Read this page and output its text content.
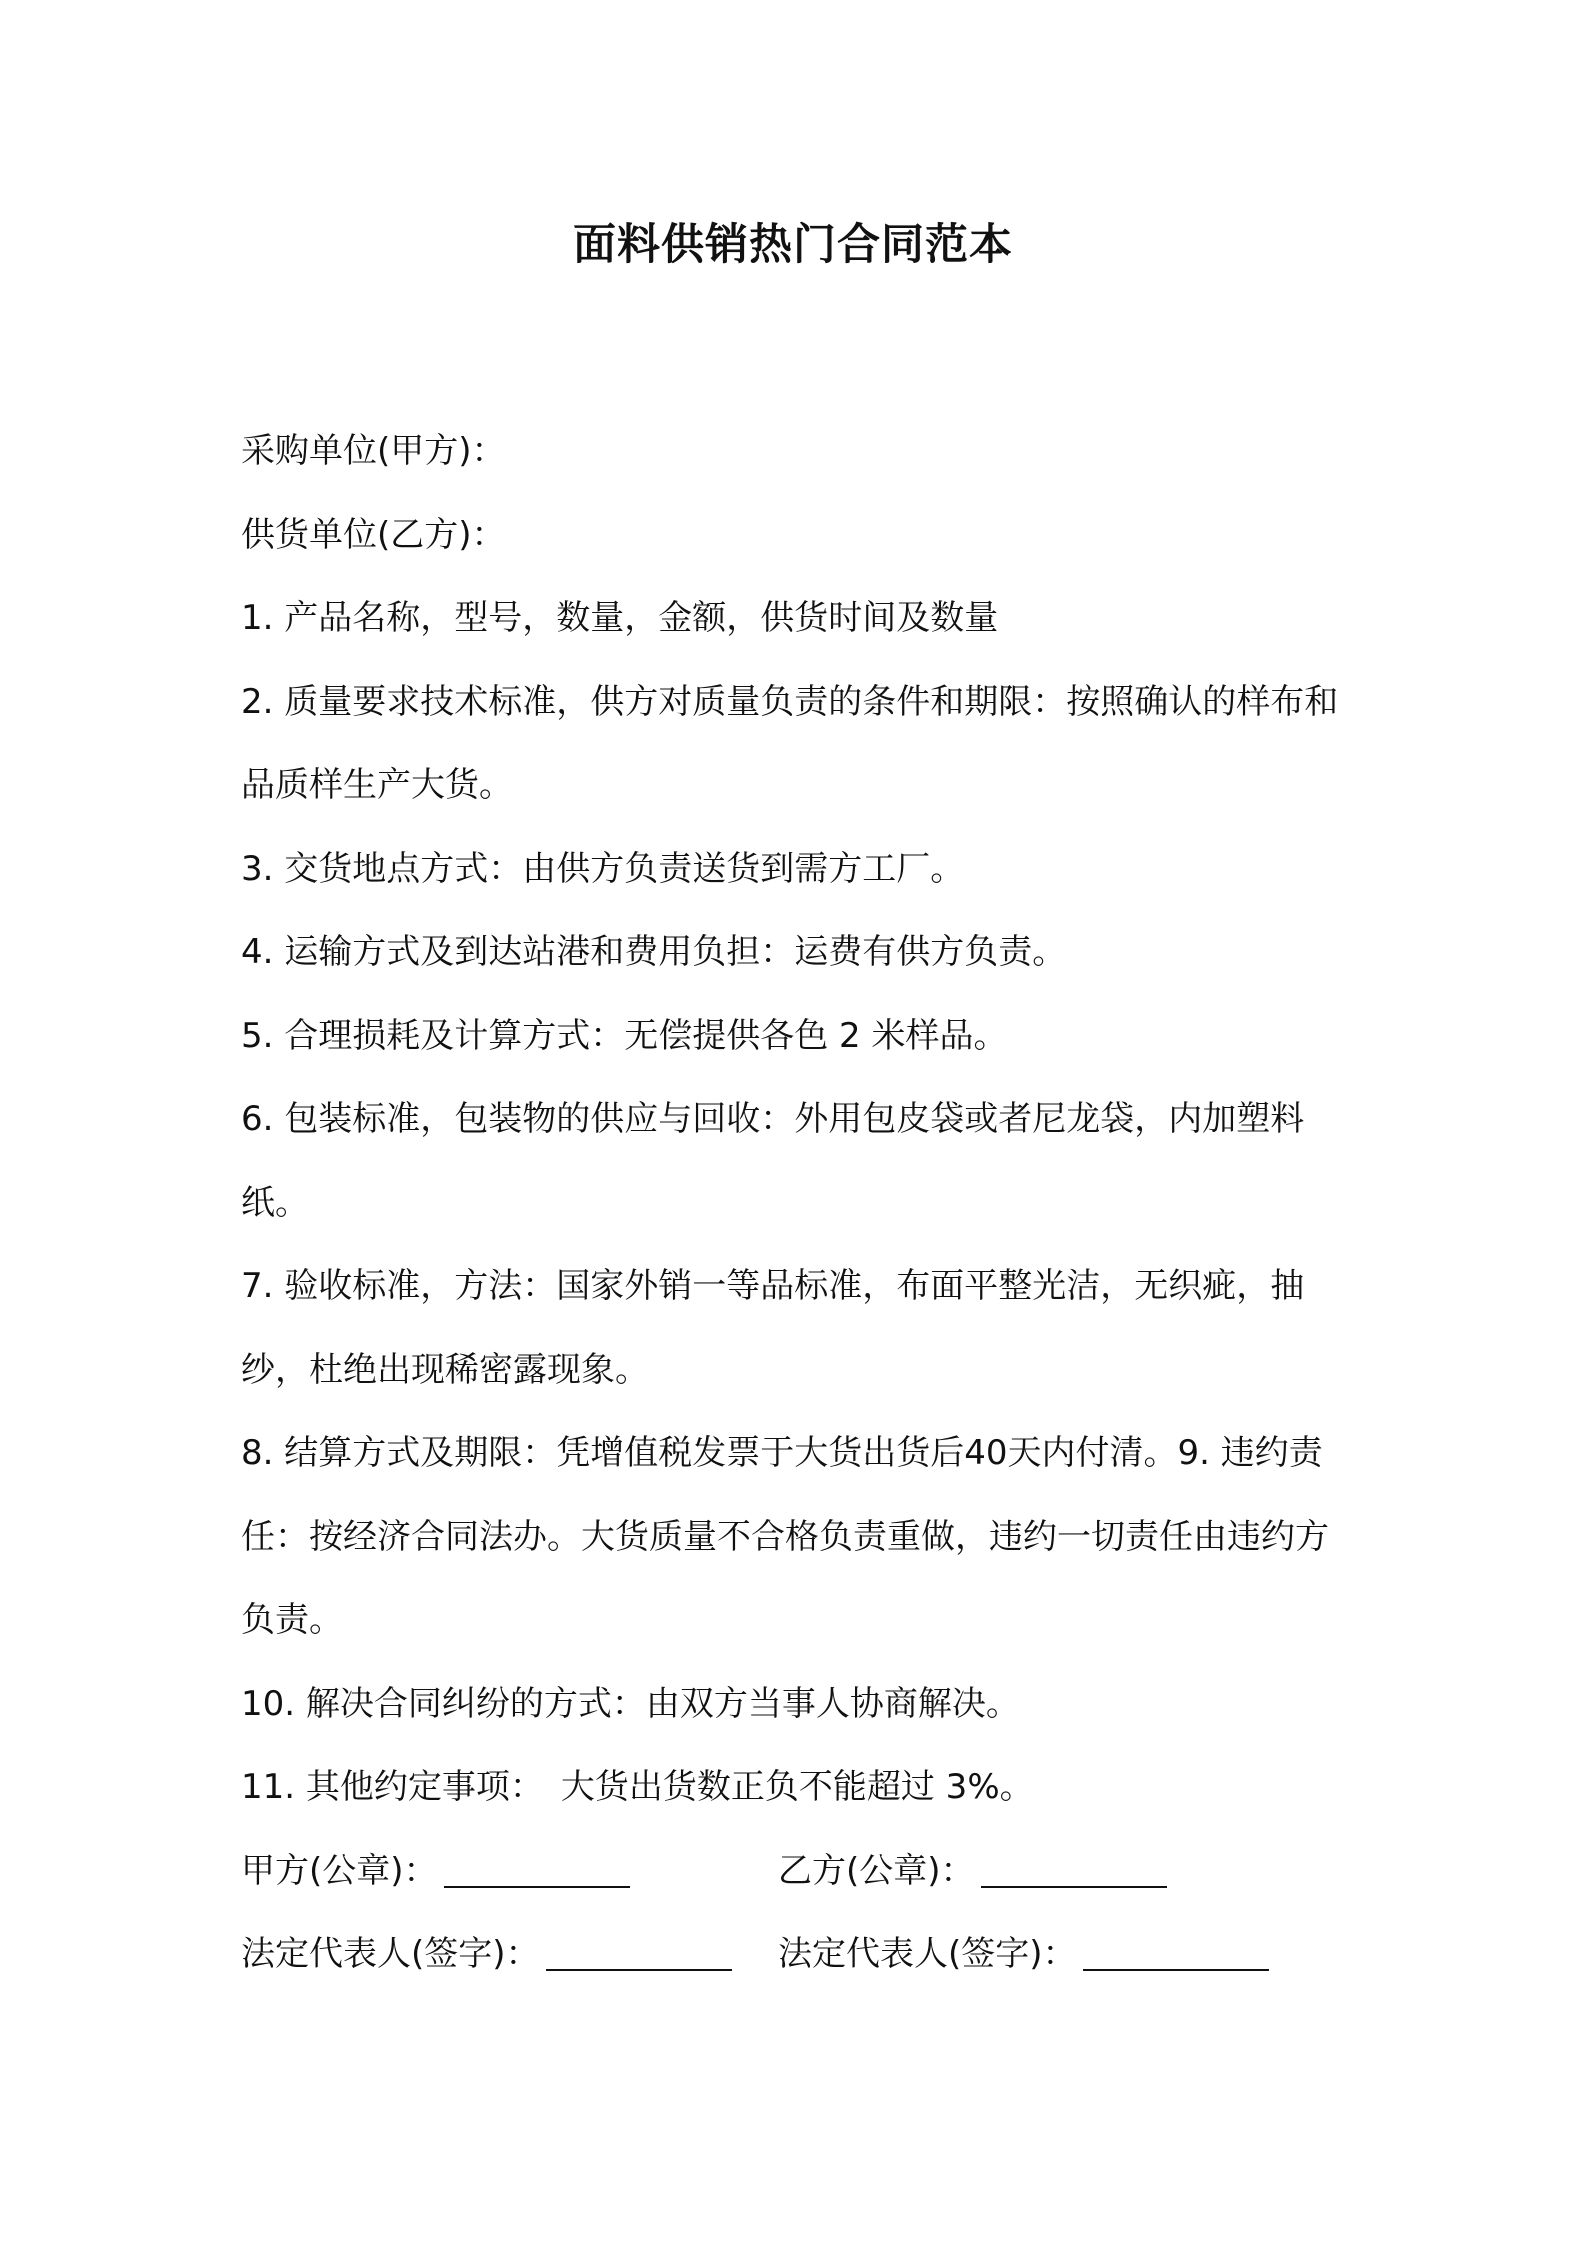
面料供销热门合同范本

采购单位(甲方)：

供货单位(乙方)：

1. 产品名称，型号，数量，金额，供货时间及数量

2. 质量要求技术标准，供方对质量负责的条件和期限：按照确认的样布和品质样生产大货。

3. 交货地点方式：由供方负责送货到需方工厂。

4. 运输方式及到达站港和费用负担：运费有供方负责。

5. 合理损耗及计算方式：无偿提供各色 2 米样品。

6. 包装标准，包装物的供应与回收：外用包皮袋或者尼龙袋，内加塑料纸。

7. 验收标准，方法：国家外销一等品标准，布面平整光洁，无织疵，抽纱，杜绝出现稀密露现象。

8. 结算方式及期限：凭增值税发票于大货出货后40天内付清。9. 违约责任：按经济合同法办。大货质量不合格负责重做，违约一切责任由违约方负责。

10. 解决合同纠纷的方式：由双方当事人协商解决。

11. 其他约定事项：　大货出货数正负不能超过 3%。

甲方(公章)：	乙方(公章)：
法定代表人(签字)：	法定代表人(签字)：
